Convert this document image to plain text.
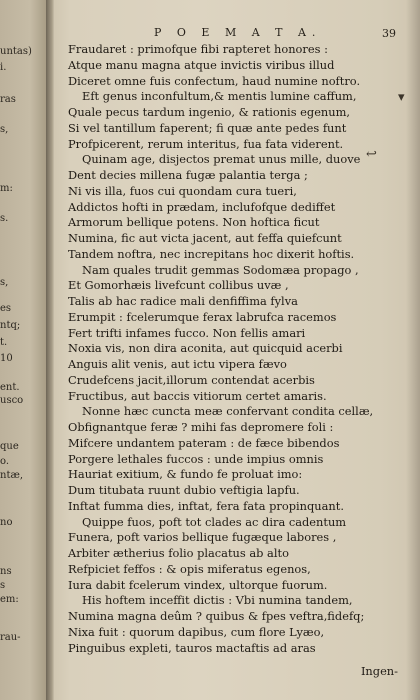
untas)
i.
ras
s,
m:
s.
s,
es
ntq;
t.
10
ent.
usco
que
o.
ntæ,
no
ns
s
em:
rau-
P O E M A T A.	39
Ingen-
Fraudaret : primofque fibi rapteret honores :
Atque manu magna atque invictis viribus illud
Diceret omne fuis confectum, haud numine noftro.
Eft genus inconfultum,& mentis lumine caffum,
Quale pecus tardum ingenio, & rationis egenum,
Si vel tantillum faperent; fi quæ ante pedes funt
Profpicerent, rerum interitus, fua fata viderent.
Quinam age, disjectos premat unus mille, duove
Dent decies millena fugæ palantia terga ;
Ni vis illa, fuos cui quondam cura tueri,
Addictos hofti in prædam, inclufofque dediffet
Armorum bellique potens. Non hoftica ficut
Numina, fic aut victa jacent, aut feffa quiefcunt
Tandem noftra, nec increpitans hoc dixerit hoftis.
Nam quales trudit gemmas Sodomæa propago ,
Et Gomorhæis livefcunt collibus uvæ ,
Talis ab hac radice mali denfiffima fylva
Erumpit : fcelerumque ferax labrufca racemos
Fert trifti infames fucco. Non fellis amari
Noxia vis, non dira aconita, aut quicquid acerbi
Anguis alit venis, aut ictu vipera fævo
Crudefcens jacit,illorum contendat acerbis
Fructibus, aut baccis vitiorum certet amaris.
Nonne hæc cuncta meæ confervant condita cellæ,
Obfignantque feræ ? mihi fas depromere foli :
Mifcere undantem pateram : de fæce bibendos
Porgere lethales fuccos : unde impius omnis
Hauriat exitium, & fundo fe proluat imo:
Dum titubata ruunt dubio veftigia lapfu.
Inftat fumma dies, inftat, fera fata propinquant.
Quippe fuos, poft tot clades ac dira cadentum
Funera, poft varios bellique fugæque labores ,
Arbiter ætherius folio placatus ab alto
Refpiciet feffos : & opis miferatus egenos,
Iura dabit fcelerum vindex, ultorque fuorum.
His hoftem inceffit dictis : Vbi numina tandem,
Numina magna deûm ? quibus & fpes veftra,fidefq;
Nixa fuit : quorum dapibus, cum flore Lyæo,
Pinguibus expleti, tauros mactaftis ad aras
▾
↩
